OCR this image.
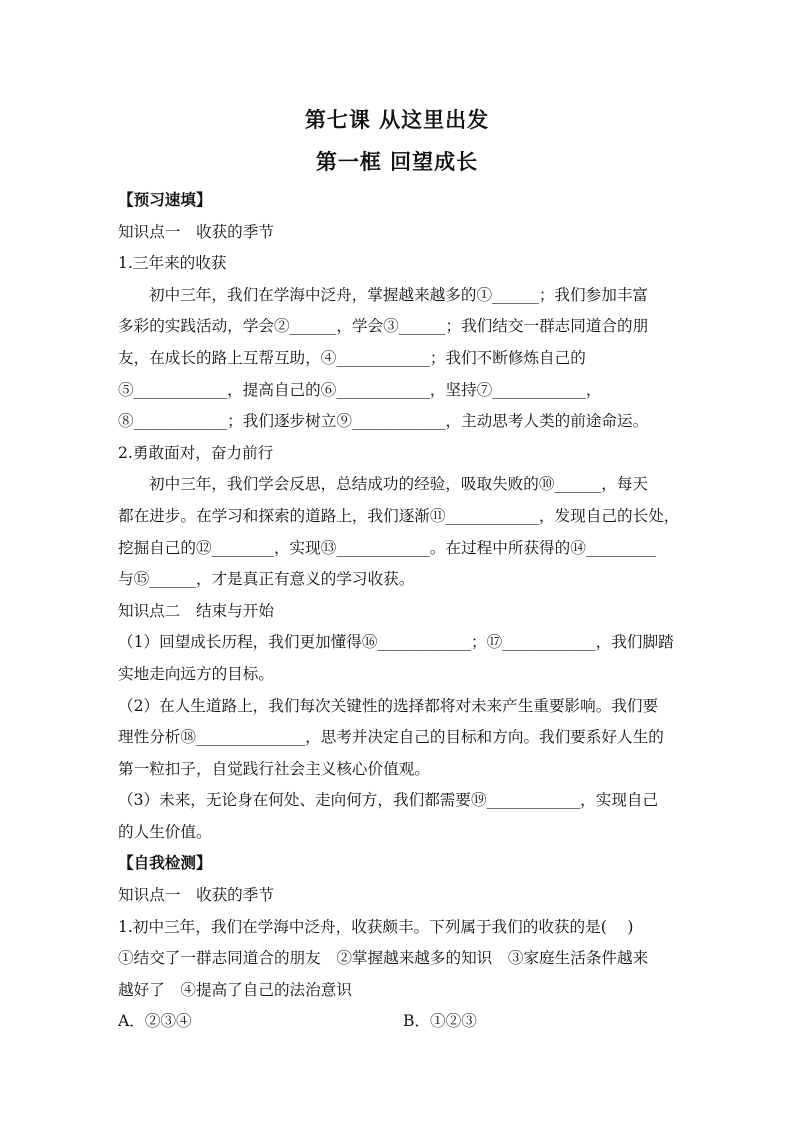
第七课 从这里出发
第一框 回望成长
【预习速填】
知识点一　收获的季节
1.三年来的收获
初中三年，我们在学海中泛舟，掌握越来越多的①______；我们参加丰富
多彩的实践活动，学会②______，学会③______；我们结交一群志同道合的朋
友，在成长的路上互帮互助，④____________；我们不断修炼自己的
⑤____________，提高自己的⑥____________，坚持⑦____________，
⑧____________；我们逐步树立⑨____________，主动思考人类的前途命运。
2.勇敢面对，奋力前行
初中三年，我们学会反思，总结成功的经验，吸取失败的⑩______，每天
都在进步。在学习和探索的道路上，我们逐渐⑪____________，发现自己的长处，
挖掘自己的⑫________，实现⑬____________。在过程中所获得的⑭_________
与⑮______，才是真正有意义的学习收获。
知识点二　结束与开始
（1）回望成长历程，我们更加懂得⑯____________；⑰____________，我们脚踏
实地走向远方的目标。
（2）在人生道路上，我们每次关键性的选择都将对未来产生重要影响。我们要
理性分析⑱______________，思考并决定自己的目标和方向。我们要系好人生的
第一粒扣子，自觉践行社会主义核心价值观。
（3）未来，无论身在何处、走向何方，我们都需要⑲____________，实现自己
的人生价值。
【自我检测】
知识点一　收获的季节
1.初中三年，我们在学海中泛舟，收获颇丰。下列属于我们的收获的是(　 )
①结交了一群志同道合的朋友　②掌握越来越多的知识　③家庭生活条件越来
越好了　④提高了自己的法治意识
A．②③④	B．①②③
